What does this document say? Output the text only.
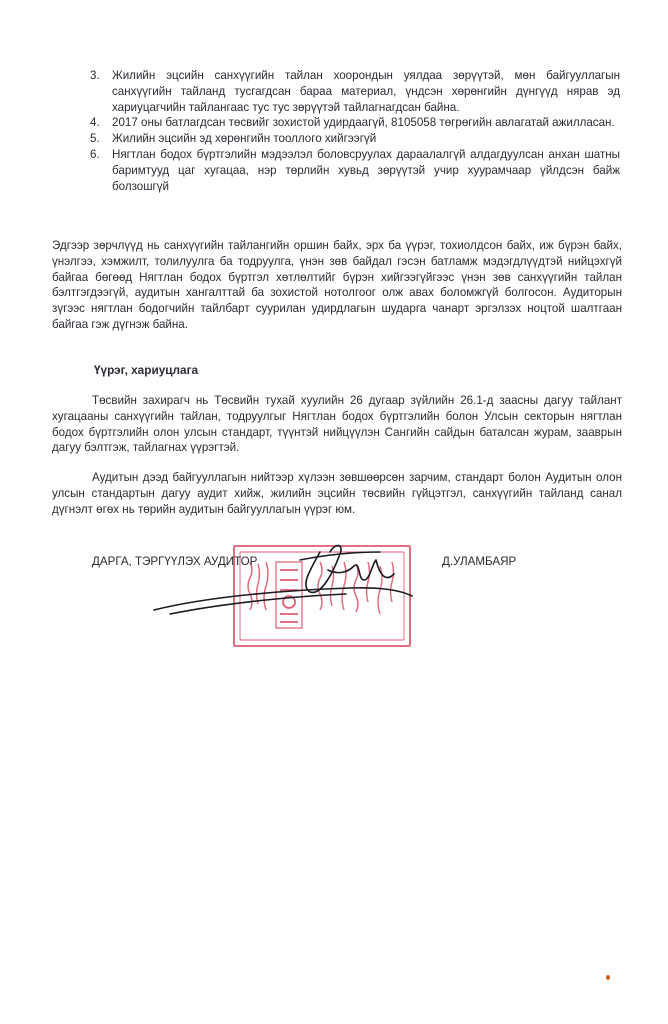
3.	Жилийн эцсийн санхүүгийн тайлан хоорондын уялдаа зөрүүтэй, мөн байгууллагын санхүүгийн тайланд тусгагдсан бараа материал, үндсэн хөрөнгийн дүнгүүд нярав эд хариуцагчийн тайлангаас тус тус зөрүүтэй тайлагнагдсан байна.
4.	2017 оны батлагдсан төсвийг зохистой удирдаагүй, 8105058 төгрөгийн авлагатай ажилласан.
5.	Жилийн эцсийн эд хөрөнгийн тооллого хийгээгүй
6.	Нягтлан бодох бүртгэлийн мэдээлэл боловсруулах дараалалгүй алдагдуулсан анхан шатны баримтууд цаг хугацаа, нэр төрлийн хувьд зөрүүтэй учир хуурамчаар үйлдсэн байж болзошгүй
Эдгээр зөрчлүүд нь санхүүгийн тайлангийн оршин байх, эрх ба үүрэг, тохиолдсон байх, иж бүрэн байх, үнэлгээ, хэмжилт, толилуулга ба тодруулга, үнэн зөв байдал гэсэн батламж мэдэгдлүүдтэй нийцэхгүй байгаа бөгөөд Нягтлан бодох бүртгэл хөтлөлтийг бүрэн хийгээгүйгээс үнэн зөв санхүүгийн тайлан бэлтгэгдээгүй, аудитын хангалттай ба зохистой нотолгоог олж авах боломжгүй болгосон. Аудиторын зүгээс нягтлан бодогчийн тайлбарт суурилан удирдлагын шударга чанарт эргэлзэх ноцтой шалтгаан байгаа гэж дүгнэж байна.
Үүрэг, хариуцлага
Төсвийн захирагч нь Төсвийн тухай хуулийн 26 дугаар зүйлийн 26.1-д заасны дагуу тайлант хугацааны санхүүгийн тайлан, тодруулгыг Нягтлан бодох бүртгэлийн болон Улсын секторын нягтлан бодох бүртгэлийн олон улсын стандарт, түүнтэй нийцүүлэн Сангийн сайдын баталсан журам, зааврын дагуу бэлтгэж, тайлагнах үүрэгтэй.
Аудитын дээд байгууллагын нийтээр хүлээн зөвшөөрсөн зарчим, стандарт болон Аудитын олон улсын стандартын дагуу аудит хийж, жилийн эцсийн төсвийн гүйцэтгэл, санхүүгийн тайланд санал дүгнэлт өгөх нь төрийн аудитын байгууллагын үүрэг юм.
ДАРГА, ТЭРГҮҮЛЭХ АУДИТОР	Д.УЛАМБАЯР
